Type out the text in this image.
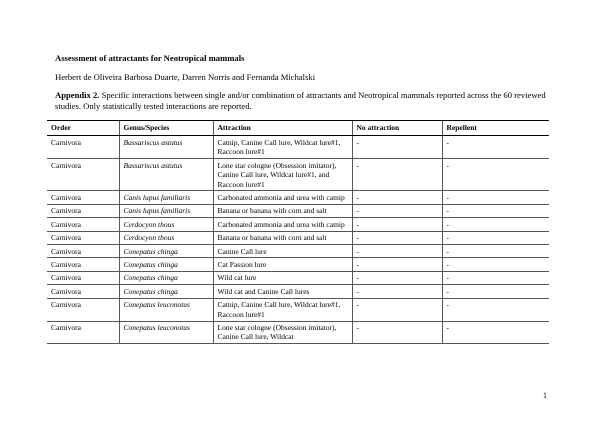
Assessment of attractants for Neotropical mammals
Herbert de Oliveira Barbosa Duarte, Darren Norris and Fernanda Michalski
Appendix 2. Specific interactions between single and/or combination of attractants and Neotropical mammals reported across the 60 reviewed studies. Only statistically tested interactions are reported.
Order	Genus/Species	Attraction	No attraction	Repellent
Carnivora	Bassariscus astutus	Catnip, Canine Call lure, Wildcat lure#1, Raccoon lure#1	-	-
Carnivora	Bassariscus astutus	Lone star cologne (Obsession imitator), Canine Call lure, Wildcat lure#1, and Raccoon lure#1	-	-
Carnivora	Canis lupus familiaris	Carbonated ammonia and urea with catnip	-	-
Carnivora	Canis lupus familiaris	Banana or banana with corn and salt	-	-
Carnivora	Cerdocyon thous	Carbonated ammonia and urea with catnip	-	-
Carnivora	Cerdocyon thous	Banana or banana with corn and salt	-	-
Carnivora	Conepatus chinga	Canine Call lure	-	-
Carnivora	Conepatus chinga	Cat Passion lure	-	-
Carnivora	Conepatus chinga	Wild cat lure	-	-
Carnivora	Conepatus chinga	Wild cat and Canine Call lures	-	-
Carnivora	Conepatus leuconotus	Catnip, Canine Call lure, Wildcat lure#1, Raccoon lure#1	-	-
Carnivora	Conepatus leuconotus	Lone star cologne (Obsession imitator), Canine Call lure, Wildcat	-	-
1
